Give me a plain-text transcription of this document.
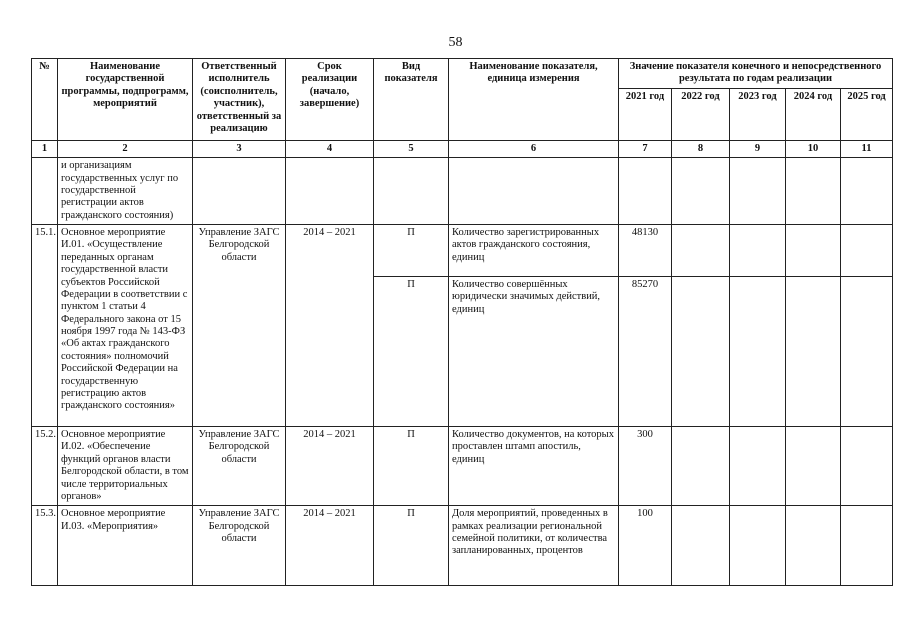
58
№	Наименование государственной программы, подпрограмм, мероприятий	Ответственный исполнитель (соисполнитель, участник), ответственный за реализацию	Срок реализации (начало, завершение)	Вид показателя	Наименование показателя, единица измерения	Значение показателя конечного и непосредственного результата по годам реализации				
						2021 год	2022 год	2023 год	2024 год	2025 год
1	2	3	4	5	6	7	8	9	10	11
	и организациям государственных услуг по государственной регистрации актов гражданского состояния)									
15.1.	Основное мероприятие И.01. «Осуществление переданных органам государственной власти субъектов Российской Федерации в соответствии с пунктом 1 статьи 4 Федерального закона от 15 ноября 1997 года № 143-ФЗ «Об актах гражданского состояния» полномочий Российской Федерации на государственную регистрацию актов гражданского состояния»	Управление ЗАГС Белгородской области	2014 – 2021	П	Количество зарегистрированных актов гражданского состояния, единиц	48130				
				П	Количество совершённых юридически значимых действий, единиц	85270				
15.2.	Основное мероприятие И.02. «Обеспечение функций органов власти Белгородской области, в том числе территориальных органов»	Управление ЗАГС Белгородской области	2014 – 2021	П	Количество документов, на которых проставлен штамп апостиль, единиц	300				
15.3.	Основное мероприятие И.03. «Мероприятия»	Управление ЗАГС Белгородской области	2014 – 2021	П	Доля мероприятий, проведенных в рамках реализации региональной семейной политики, от количества запланированных, процентов	100				
